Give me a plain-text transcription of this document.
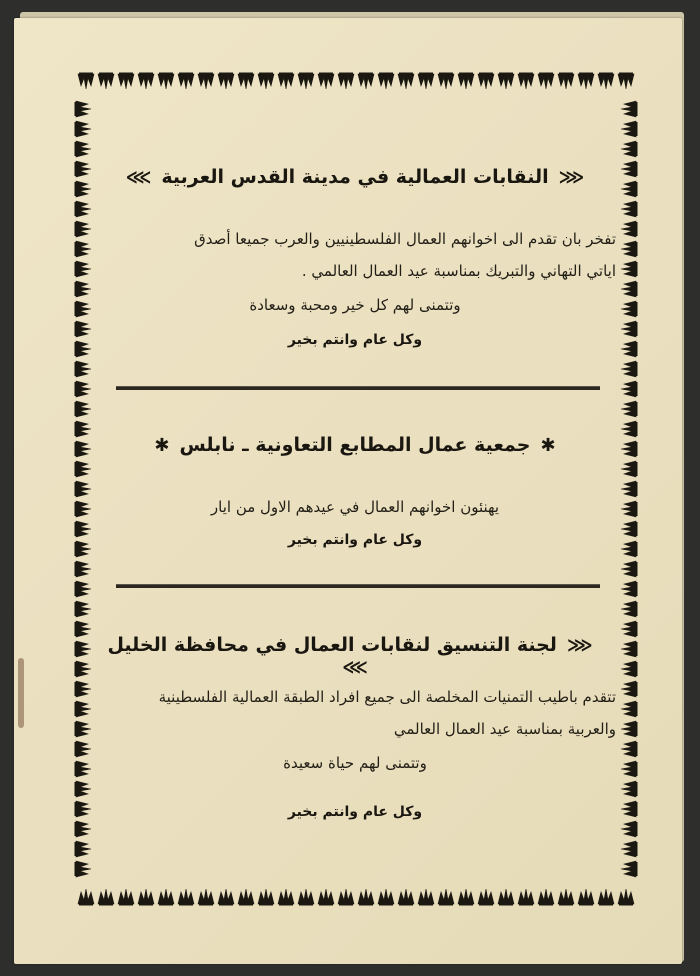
⋘النقابات العمالية في مدينة القدس العربية⋙
تفخر بان تقدم الى اخوانهم العمال الفلسطينيين والعرب جميعا أصدق
اياتي التهاني والتبريك بمناسبة عيد العمال العالمي .
وتتمنى لهم كل خير ومحبة وسعادة
وكل عام وانتم بخير
✱جمعية عمال المطابع التعاونية ـ نابلس✱
يهنئون اخوانهم العمال في عيدهم الاول من ايار
وكل عام وانتم بخير
⋘لجنة التنسيق لنقابات العمال في محافظة الخليل⋙
تتقدم باطيب التمنيات المخلصة الى جميع افراد الطبقة العمالية الفلسطينية
والعربية بمناسبة عيد العمال العالمي
وتتمنى لهم حياة سعيدة
وكل عام وانتم بخير
